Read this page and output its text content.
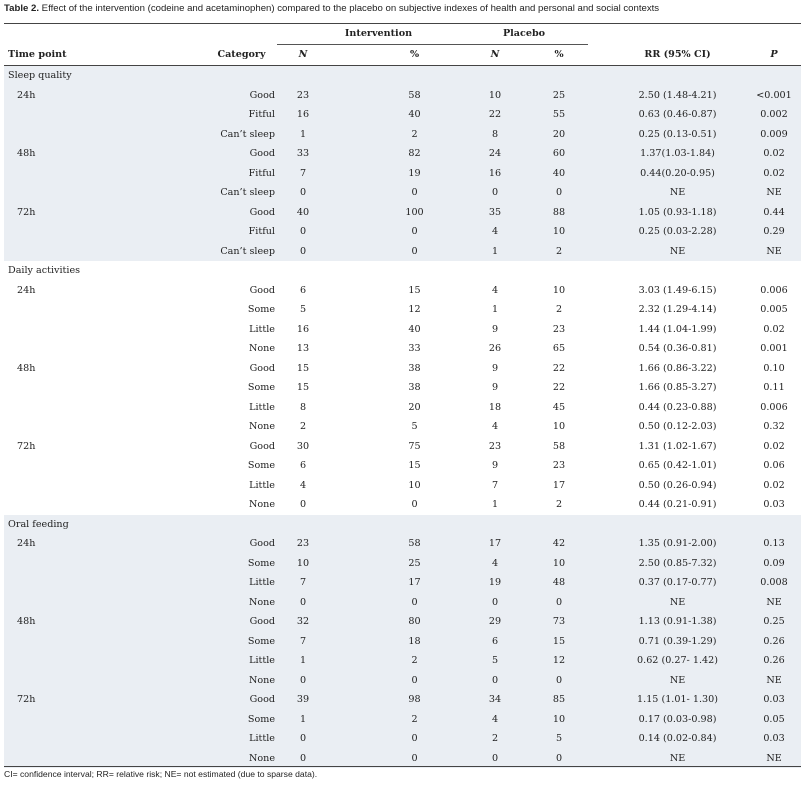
Table 2. Effect of the intervention (codeine and acetaminophen) compared to the placebo on subjective indexes of health and personal and social contexts
		Intervention		Placebo			
Time point	Category	N	%	N	%	RR (95% CI)	P
Sleep quality							
24h	Good	23	58	10	25	2.50 (1.48-4.21)	<0.001
	Fitful	16	40	22	55	0.63 (0.46-0.87)	0.002
	Can’t sleep	1	2	8	20	0.25 (0.13-0.51)	0.009
48h	Good	33	82	24	60	1.37(1.03-1.84)	0.02
	Fitful	7	19	16	40	0.44(0.20-0.95)	0.02
	Can’t sleep	0	0	0	0	NE	NE
72h	Good	40	100	35	88	1.05 (0.93-1.18)	0.44
	Fitful	0	0	4	10	0.25 (0.03-2.28)	0.29
	Can’t sleep	0	0	1	2	NE	NE
Daily activities							
24h	Good	6	15	4	10	3.03 (1.49-6.15)	0.006
	Some	5	12	1	2	2.32 (1.29-4.14)	0.005
	Little	16	40	9	23	1.44 (1.04-1.99)	0.02
	None	13	33	26	65	0.54 (0.36-0.81)	0.001
48h	Good	15	38	9	22	1.66 (0.86-3.22)	0.10
	Some	15	38	9	22	1.66 (0.85-3.27)	0.11
	Little	8	20	18	45	0.44 (0.23-0.88)	0.006
	None	2	5	4	10	0.50 (0.12-2.03)	0.32
72h	Good	30	75	23	58	1.31 (1.02-1.67)	0.02
	Some	6	15	9	23	0.65 (0.42-1.01)	0.06
	Little	4	10	7	17	0.50 (0.26-0.94)	0.02
	None	0	0	1	2	0.44 (0.21-0.91)	0.03
Oral feeding							
24h	Good	23	58	17	42	1.35 (0.91-2.00)	0.13
	Some	10	25	4	10	2.50 (0.85-7.32)	0.09
	Little	7	17	19	48	0.37 (0.17-0.77)	0.008
	None	0	0	0	0	NE	NE
48h	Good	32	80	29	73	1.13 (0.91-1.38)	0.25
	Some	7	18	6	15	0.71 (0.39-1.29)	0.26
	Little	1	2	5	12	0.62 (0.27- 1.42)	0.26
	None	0	0	0	0	NE	NE
72h	Good	39	98	34	85	1.15 (1.01- 1.30)	0.03
	Some	1	2	4	10	0.17 (0.03-0.98)	0.05
	Little	0	0	2	5	0.14 (0.02-0.84)	0.03
	None	0	0	0	0	NE	NE
CI= confidence interval; RR= relative risk; NE= not estimated (due to sparse data).
